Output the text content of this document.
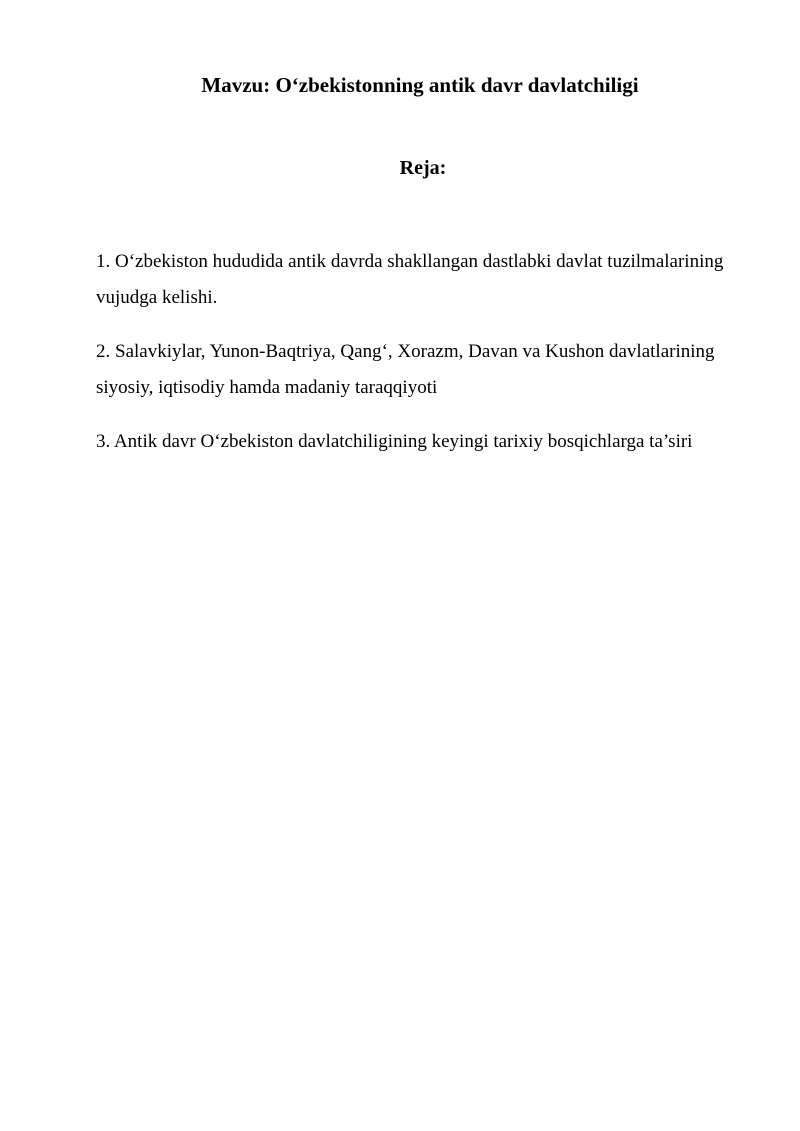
Mavzu: O‘zbekistonning antik davr davlatchiligi
Reja:
1. O‘zbekiston hududida antik davrda shakllangan dastlabki davlat tuzilmalarining vujudga kelishi.
2. Salavkiylar, Yunon-Baqtriya, Qang‘, Xorazm, Davan va Kushon davlatlarining siyosiy, iqtisodiy hamda madaniy taraqqiyoti
3. Antik davr O‘zbekiston davlatchiligining keyingi tarixiy bosqichlarga ta’siri
